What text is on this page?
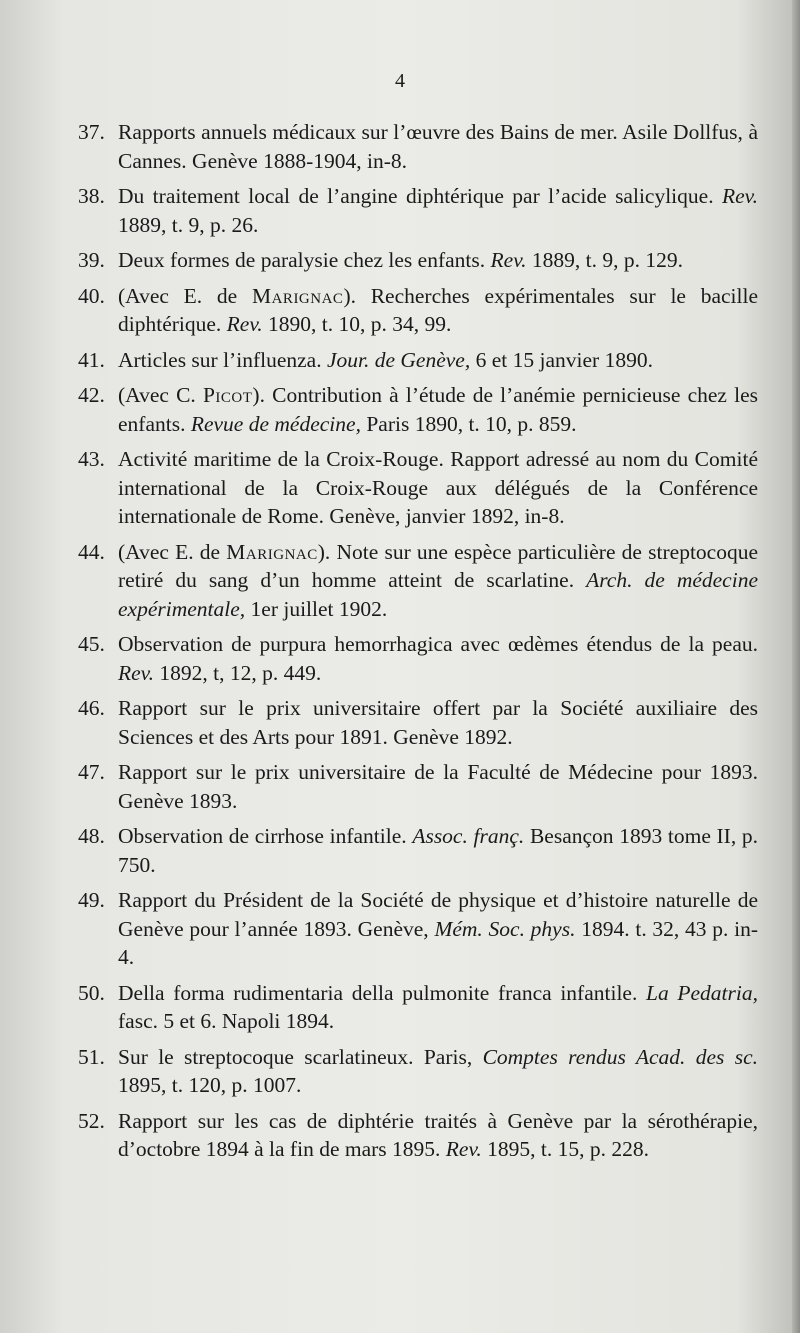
4
37. Rapports annuels médicaux sur l’œuvre des Bains de mer. Asile Dollfus, à Cannes. Genève 1888-1904, in-8.
38. Du traitement local de l’angine diphtérique par l’acide salicylique. Rev. 1889, t. 9, p. 26.
39. Deux formes de paralysie chez les enfants. Rev. 1889, t. 9, p. 129.
40. (Avec E. de Marignac). Recherches expérimentales sur le bacille diphtérique. Rev. 1890, t. 10, p. 34, 99.
41. Articles sur l’influenza. Jour. de Genève, 6 et 15 janvier 1890.
42. (Avec C. Picot). Contribution à l’étude de l’anémie pernicieuse chez les enfants. Revue de médecine, Paris 1890, t. 10, p. 859.
43. Activité maritime de la Croix-Rouge. Rapport adressé au nom du Comité international de la Croix-Rouge aux délégués de la Conférence internationale de Rome. Genève, janvier 1892, in-8.
44. (Avec E. de Marignac). Note sur une espèce particulière de streptocoque retiré du sang d’un homme atteint de scarlatine. Arch. de médecine expérimentale, 1er juillet 1902.
45. Observation de purpura hemorrhagica avec œdèmes étendus de la peau. Rev. 1892, t, 12, p. 449.
46. Rapport sur le prix universitaire offert par la Société auxiliaire des Sciences et des Arts pour 1891. Genève 1892.
47. Rapport sur le prix universitaire de la Faculté de Médecine pour 1893. Genève 1893.
48. Observation de cirrhose infantile. Assoc. franç. Besançon 1893 tome II, p. 750.
49. Rapport du Président de la Société de physique et d’histoire naturelle de Genève pour l’année 1893. Genève, Mém. Soc. phys. 1894. t. 32, 43 p. in-4.
50. Della forma rudimentaria della pulmonite franca infantile. La Pedatria, fasc. 5 et 6. Napoli 1894.
51. Sur le streptocoque scarlatineux. Paris, Comptes rendus Acad. des sc. 1895, t. 120, p. 1007.
52. Rapport sur les cas de diphtérie traités à Genève par la sérothérapie, d’octobre 1894 à la fin de mars 1895. Rev. 1895, t. 15, p. 228.
